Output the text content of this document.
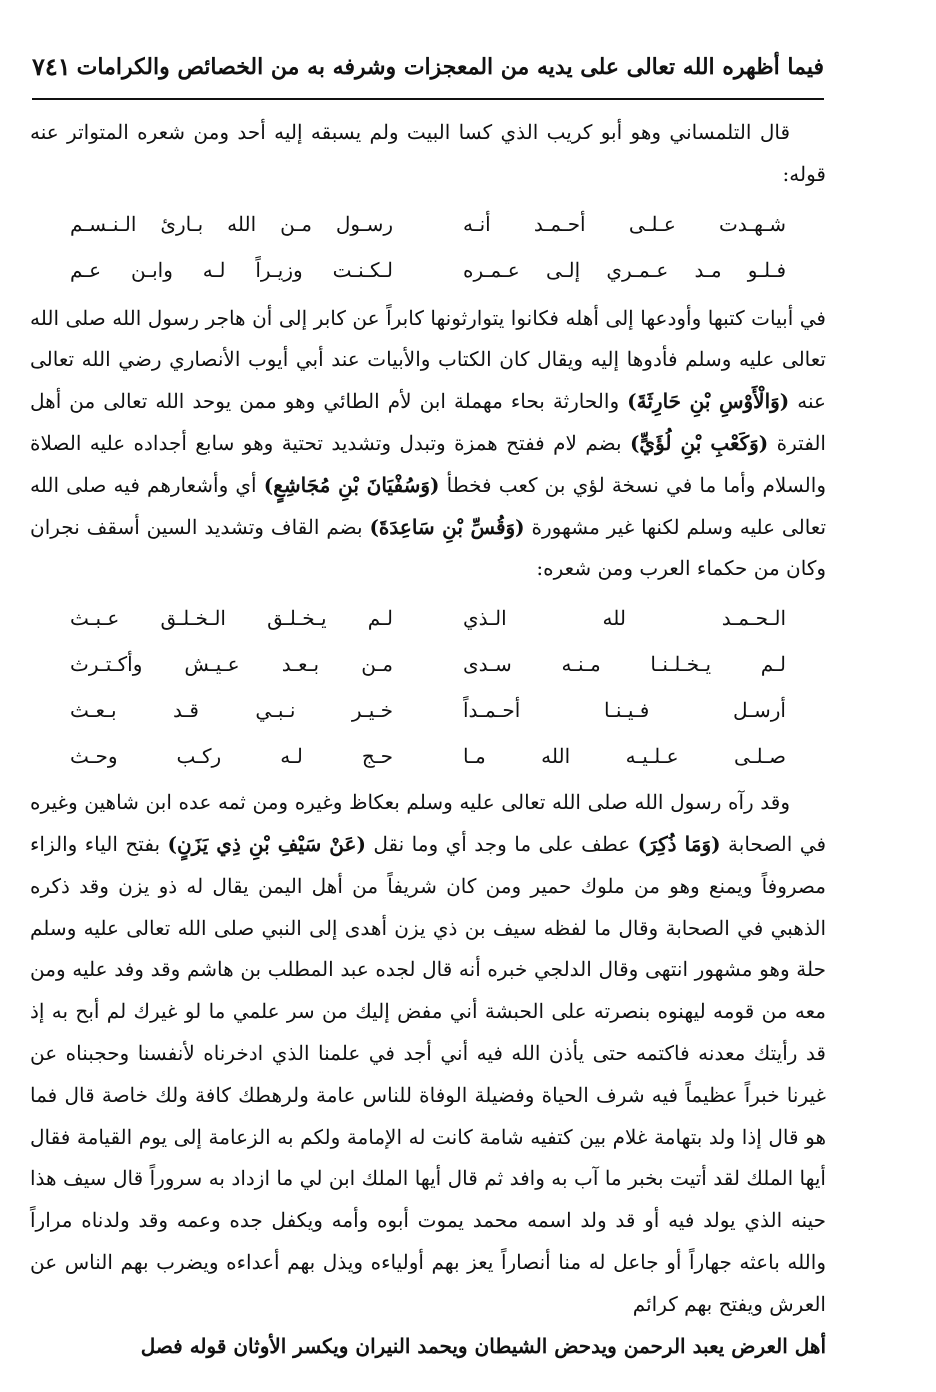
فيما أظهره الله تعالى على يديه من المعجزات وشرفه به من الخصائص والكرامات
٧٤١

قال التلمساني وهو أبو كريب الذي كسا البيت ولم يسبقه إليه أحد ومن شعره المتواتر عنه قوله:

شـهـدت عـلـى أحـمـد أنـه
رسـول مـن الله بـارئ الـنـسـم
فـلـو مـد عـمـري إلـى عـمـره
لـكـنـت وزيـراً لـه وابـن عـم

في أبيات كتبها وأودعها إلى أهله فكانوا يتوارثونها كابراً عن كابر إلى أن هاجر رسول الله صلى الله تعالى عليه وسلم فأدوها إليه ويقال كان الكتاب والأبيات عند أبي أيوب الأنصاري رضي الله تعالى عنه (وَالْأَوْسِ بْنِ حَارِثَةَ) والحارثة بحاء مهملة ابن لأم الطائي وهو ممن يوحد الله تعالى من أهل الفترة (وَكَعْبِ بْنِ لُؤَيٍّ) بضم لام ففتح همزة وتبدل وتشديد تحتية وهو سابع أجداده عليه الصلاة والسلام وأما ما في نسخة لؤي بن كعب فخطأ (وَسُفْيَانَ بْنِ مُجَاشِعٍ) أي وأشعارهم فيه صلى الله تعالى عليه وسلم لكنها غير مشهورة (وَقُسِّ بْنِ سَاعِدَةَ) بضم القاف وتشديد السين أسقف نجران وكان من حكماء العرب ومن شعره:

الـحـمـد لله الـذي
لـم يـخـلـق الـخـلـق عـبـث
لـم يـخـلـنـا مـنـه سـدى
مـن بـعـد عـيـش وأكـتـرث
أرسـل فـيـنـا أحـمـداً
خـيـر نـبـي قـد بـعـث
صـلـى عـلـيـه الله مـا
حـج لـه ركـب وحـث

وقد رآه رسول الله صلى الله تعالى عليه وسلم بعكاظ وغيره ومن ثمه عده ابن شاهين وغيره في الصحابة (وَمَا ذُكِرَ) عطف على ما وجد أي وما نقل (عَنْ سَيْفِ بْنِ ذِي يَزَنٍ) بفتح الياء والزاء مصروفاً ويمنع وهو من ملوك حمير ومن كان شريفاً من أهل اليمن يقال له ذو يزن وقد ذكره الذهبي في الصحابة وقال ما لفظه سيف بن ذي يزن أهدى إلى النبي صلى الله تعالى عليه وسلم حلة وهو مشهور انتهى وقال الدلجي خبره أنه قال لجده عبد المطلب بن هاشم وقد وفد عليه ومن معه من قومه ليهنوه بنصرته على الحبشة أني مفض إليك من سر علمي ما لو غيرك لم أبح به إذ قد رأيتك معدنه فاكتمه حتى يأذن الله فيه أني أجد في علمنا الذي ادخرناه لأنفسنا وحجبناه عن غيرنا خبراً عظيماً فيه شرف الحياة وفضيلة الوفاة للناس عامة ولرهطك كافة ولك خاصة قال فما هو قال إذا ولد بتهامة غلام بين كتفيه شامة كانت له الإمامة ولكم به الزعامة إلى يوم القيامة فقال أيها الملك لقد أتيت بخبر ما آب به وافد ثم قال أيها الملك ابن لي ما ازداد به سروراً قال سيف هذا حينه الذي يولد فيه أو قد ولد اسمه محمد يموت أبوه وأمه ويكفل جده وعمه وقد ولدناه مراراً والله باعثه جهاراً أو جاعل له منا أنصاراً يعز بهم أولياءه ويذل بهم أعداءه ويضرب بهم الناس عن العرش ويفتح بهم كرائم

أهل العرض يعبد الرحمن ويدحض الشيطان ويحمد النيران ويكسر الأوثان قوله فصل
